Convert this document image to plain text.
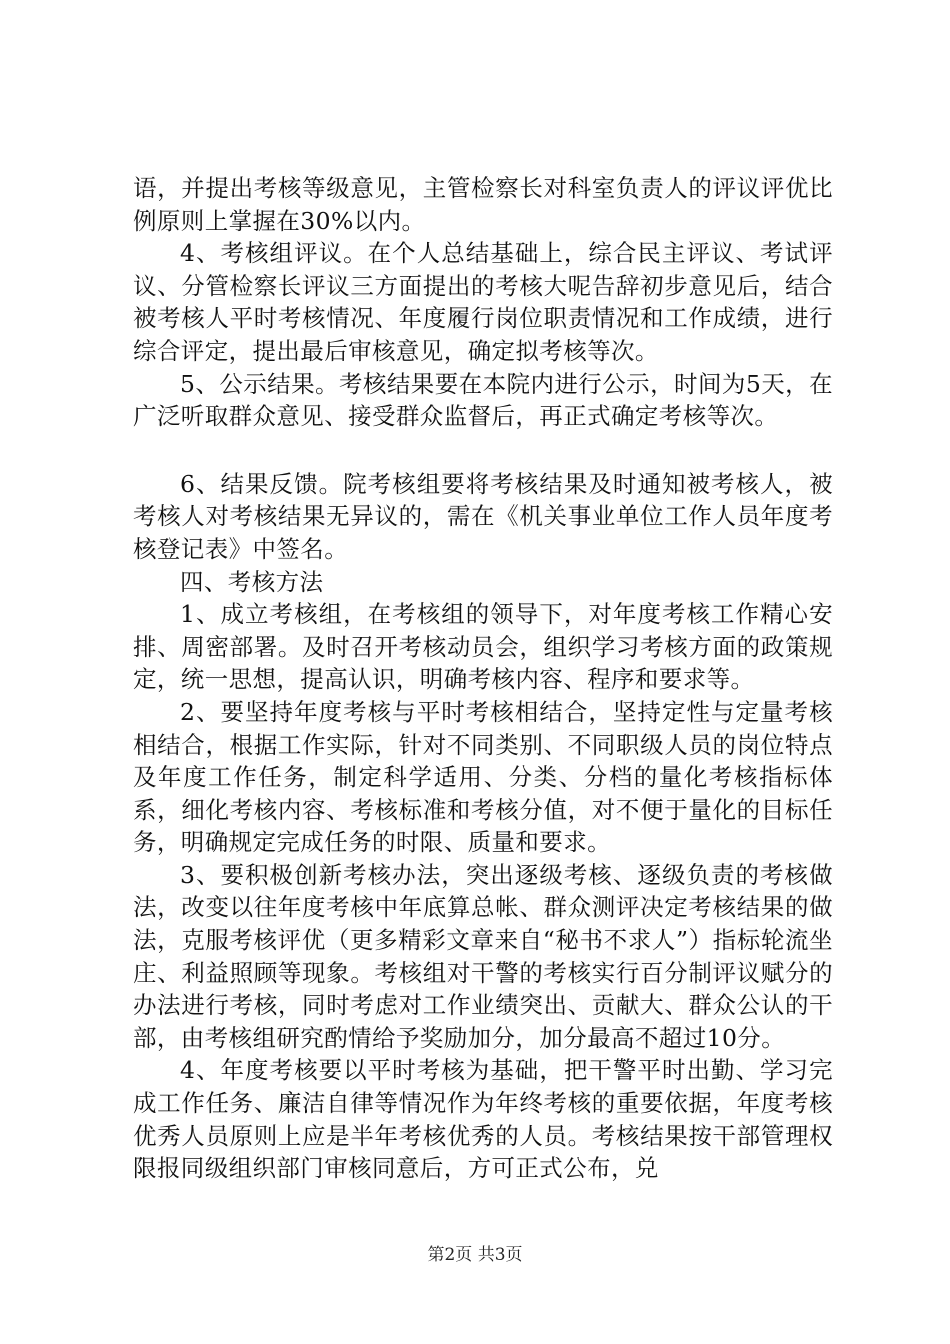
语，并提出考核等级意见，主管检察长对科室负责人的评议评优比例原则上掌握在30%以内。

4、考核组评议。在个人总结基础上，综合民主评议、考试评议、分管检察长评议三方面提出的考核大呢告辞初步意见后，结合被考核人平时考核情况、年度履行岗位职责情况和工作成绩，进行综合评定，提出最后审核意见，确定拟考核等次。

5、公示结果。考核结果要在本院内进行公示，时间为5天，在广泛听取群众意见、接受群众监督后，再正式确定考核等次。

6、结果反馈。院考核组要将考核结果及时通知被考核人，被考核人对考核结果无异议的，需在《机关事业单位工作人员年度考核登记表》中签名。

四、考核方法

1、成立考核组，在考核组的领导下，对年度考核工作精心安排、周密部署。及时召开考核动员会，组织学习考核方面的政策规定，统一思想，提高认识，明确考核内容、程序和要求等。

2、要坚持年度考核与平时考核相结合，坚持定性与定量考核相结合，根据工作实际，针对不同类别、不同职级人员的岗位特点及年度工作任务，制定科学适用、分类、分档的量化考核指标体系，细化考核内容、考核标准和考核分值，对不便于量化的目标任务，明确规定完成任务的时限、质量和要求。

3、要积极创新考核办法，突出逐级考核、逐级负责的考核做法，改变以往年度考核中年底算总帐、群众测评决定考核结果的做法，克服考核评优（更多精彩文章来自“秘书不求人”）指标轮流坐庄、利益照顾等现象。考核组对干警的考核实行百分制评议赋分的办法进行考核，同时考虑对工作业绩突出、贡献大、群众公认的干部，由考核组研究酌情给予奖励加分，加分最高不超过10分。

4、年度考核要以平时考核为基础，把干警平时出勤、学习完成工作任务、廉洁自律等情况作为年终考核的重要依据，年度考核优秀人员原则上应是半年考核优秀的人员。考核结果按干部管理权限报同级组织部门审核同意后，方可正式公布，兑

第2页 共3页
